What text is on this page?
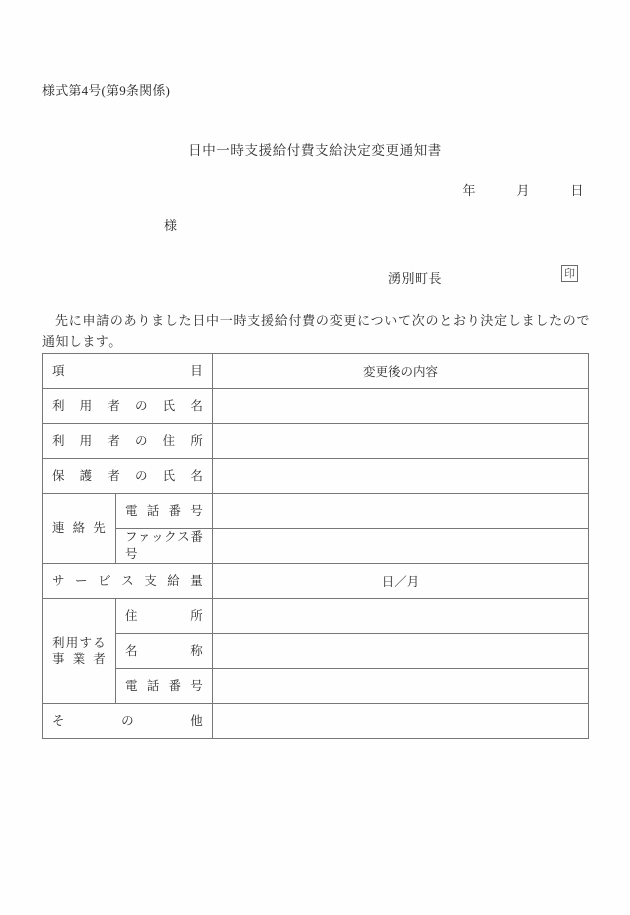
様式第4号(第9条関係)
日中一時支援給付費支給決定変更通知書
年　　　月　　　日
様
湧別町長	印
先に申請のありました日中一時支援給付費の変更について次のとおり決定しましたので通知します。
項　目		変更後の内容

利用者の氏名		

利用者の住所		

保護者の氏名		

連絡先	電話番号	

	ファックス番号	

サービス支給量		日／月

利用する
事業者	住　所	

	名　称	

	電話番号	

その他		
